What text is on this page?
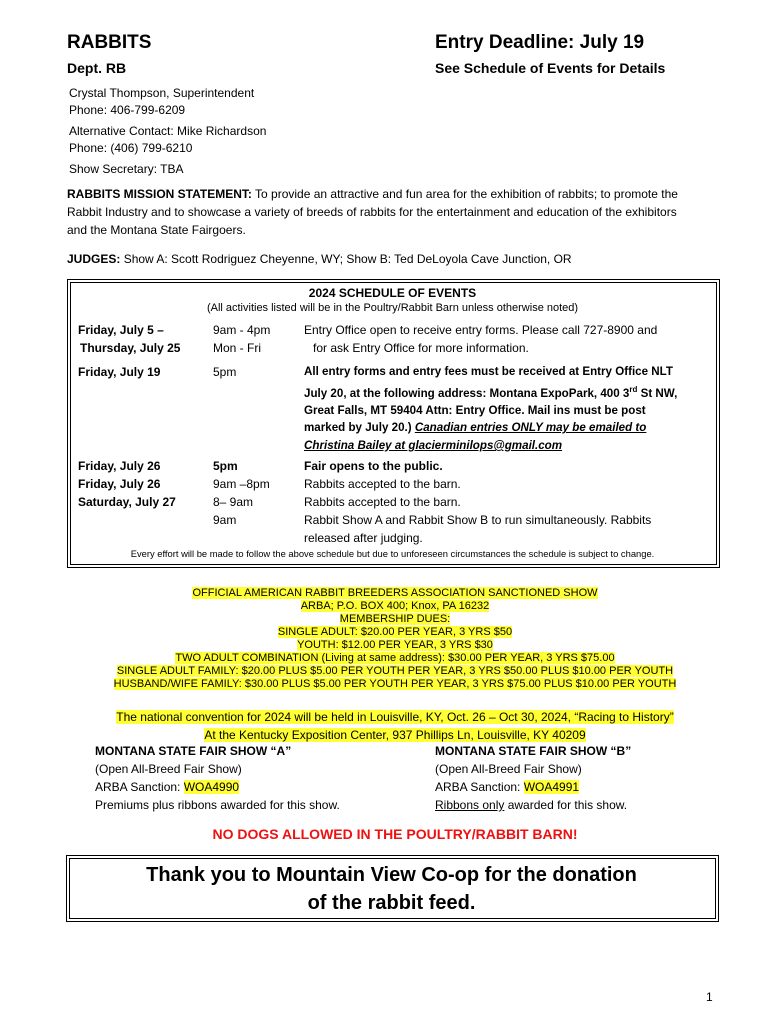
RABBITS
Dept. RB
Entry Deadline: July 19
See Schedule of Events for Details
Crystal Thompson, Superintendent
Phone: 406-799-6209
Alternative Contact: Mike Richardson
Phone: (406) 799-6210
Show Secretary: TBA
RABBITS MISSION STATEMENT: To provide an attractive and fun area for the exhibition of rabbits; to promote the
Rabbit Industry and to showcase a variety of breeds of rabbits for the entertainment and education of the exhibitors
and the Montana State Fairgoers.
JUDGES: Show A: Scott Rodriguez Cheyenne, WY; Show B: Ted DeLoyola Cave Junction, OR
2024 SCHEDULE OF EVENTS
(All activities listed will be in the Poultry/Rabbit Barn unless otherwise noted)
Friday, July 5 –
Thursday, July 25
9am - 4pm
Mon - Fri
Entry Office open to receive entry forms. Please call 727-8900 and
for ask Entry Office for more information.
Friday, July 19	5pm	All entry forms and entry fees must be received at Entry Office NLT
July 20, at the following address: Montana ExpoPark, 400 3rd St NW,
Great Falls, MT 59404 Attn: Entry Office. Mail ins must be post
marked by July 20.) Canadian entries ONLY may be emailed to
Christina Bailey at glacierminilops@gmail.com
Friday, July 26
Friday, July 26
Saturday, July 27
5pm
9am –8pm
8– 9am
9am
Fair opens to the public.
Rabbits accepted to the barn.
Rabbits accepted to the barn.
Rabbit Show A and Rabbit Show B to run simultaneously. Rabbits
released after judging.
Every effort will be made to follow the above schedule but due to unforeseen circumstances the schedule is subject to change.
OFFICIAL AMERICAN RABBIT BREEDERS ASSOCIATION SANCTIONED SHOW
ARBA; P.O. BOX 400; Knox, PA 16232
MEMBERSHIP DUES:
SINGLE ADULT: $20.00 PER YEAR, 3 YRS $50
YOUTH: $12.00 PER YEAR, 3 YRS $30
TWO ADULT COMBINATION (Living at same address): $30.00 PER YEAR, 3 YRS $75.00
SINGLE ADULT FAMILY: $20.00 PLUS $5.00 PER YOUTH PER YEAR, 3 YRS $50.00 PLUS $10.00 PER YOUTH
HUSBAND/WIFE FAMILY: $30.00 PLUS $5.00 PER YOUTH PER YEAR, 3 YRS $75.00 PLUS $10.00 PER YOUTH
The national convention for 2024 will be held in Louisville, KY, Oct. 26 – Oct 30, 2024, “Racing to History”
At the Kentucky Exposition Center, 937 Phillips Ln, Louisville, KY 40209
MONTANA STATE FAIR SHOW “A”
(Open All-Breed Fair Show)
ARBA Sanction: WOA4990
Premiums plus ribbons awarded for this show.
MONTANA STATE FAIR SHOW “B”
(Open All-Breed Fair Show)
ARBA Sanction: WOA4991
Ribbons only awarded for this show.
NO DOGS ALLOWED IN THE POULTRY/RABBIT BARN!
Thank you to Mountain View Co-op for the donation
of the rabbit feed.
1
